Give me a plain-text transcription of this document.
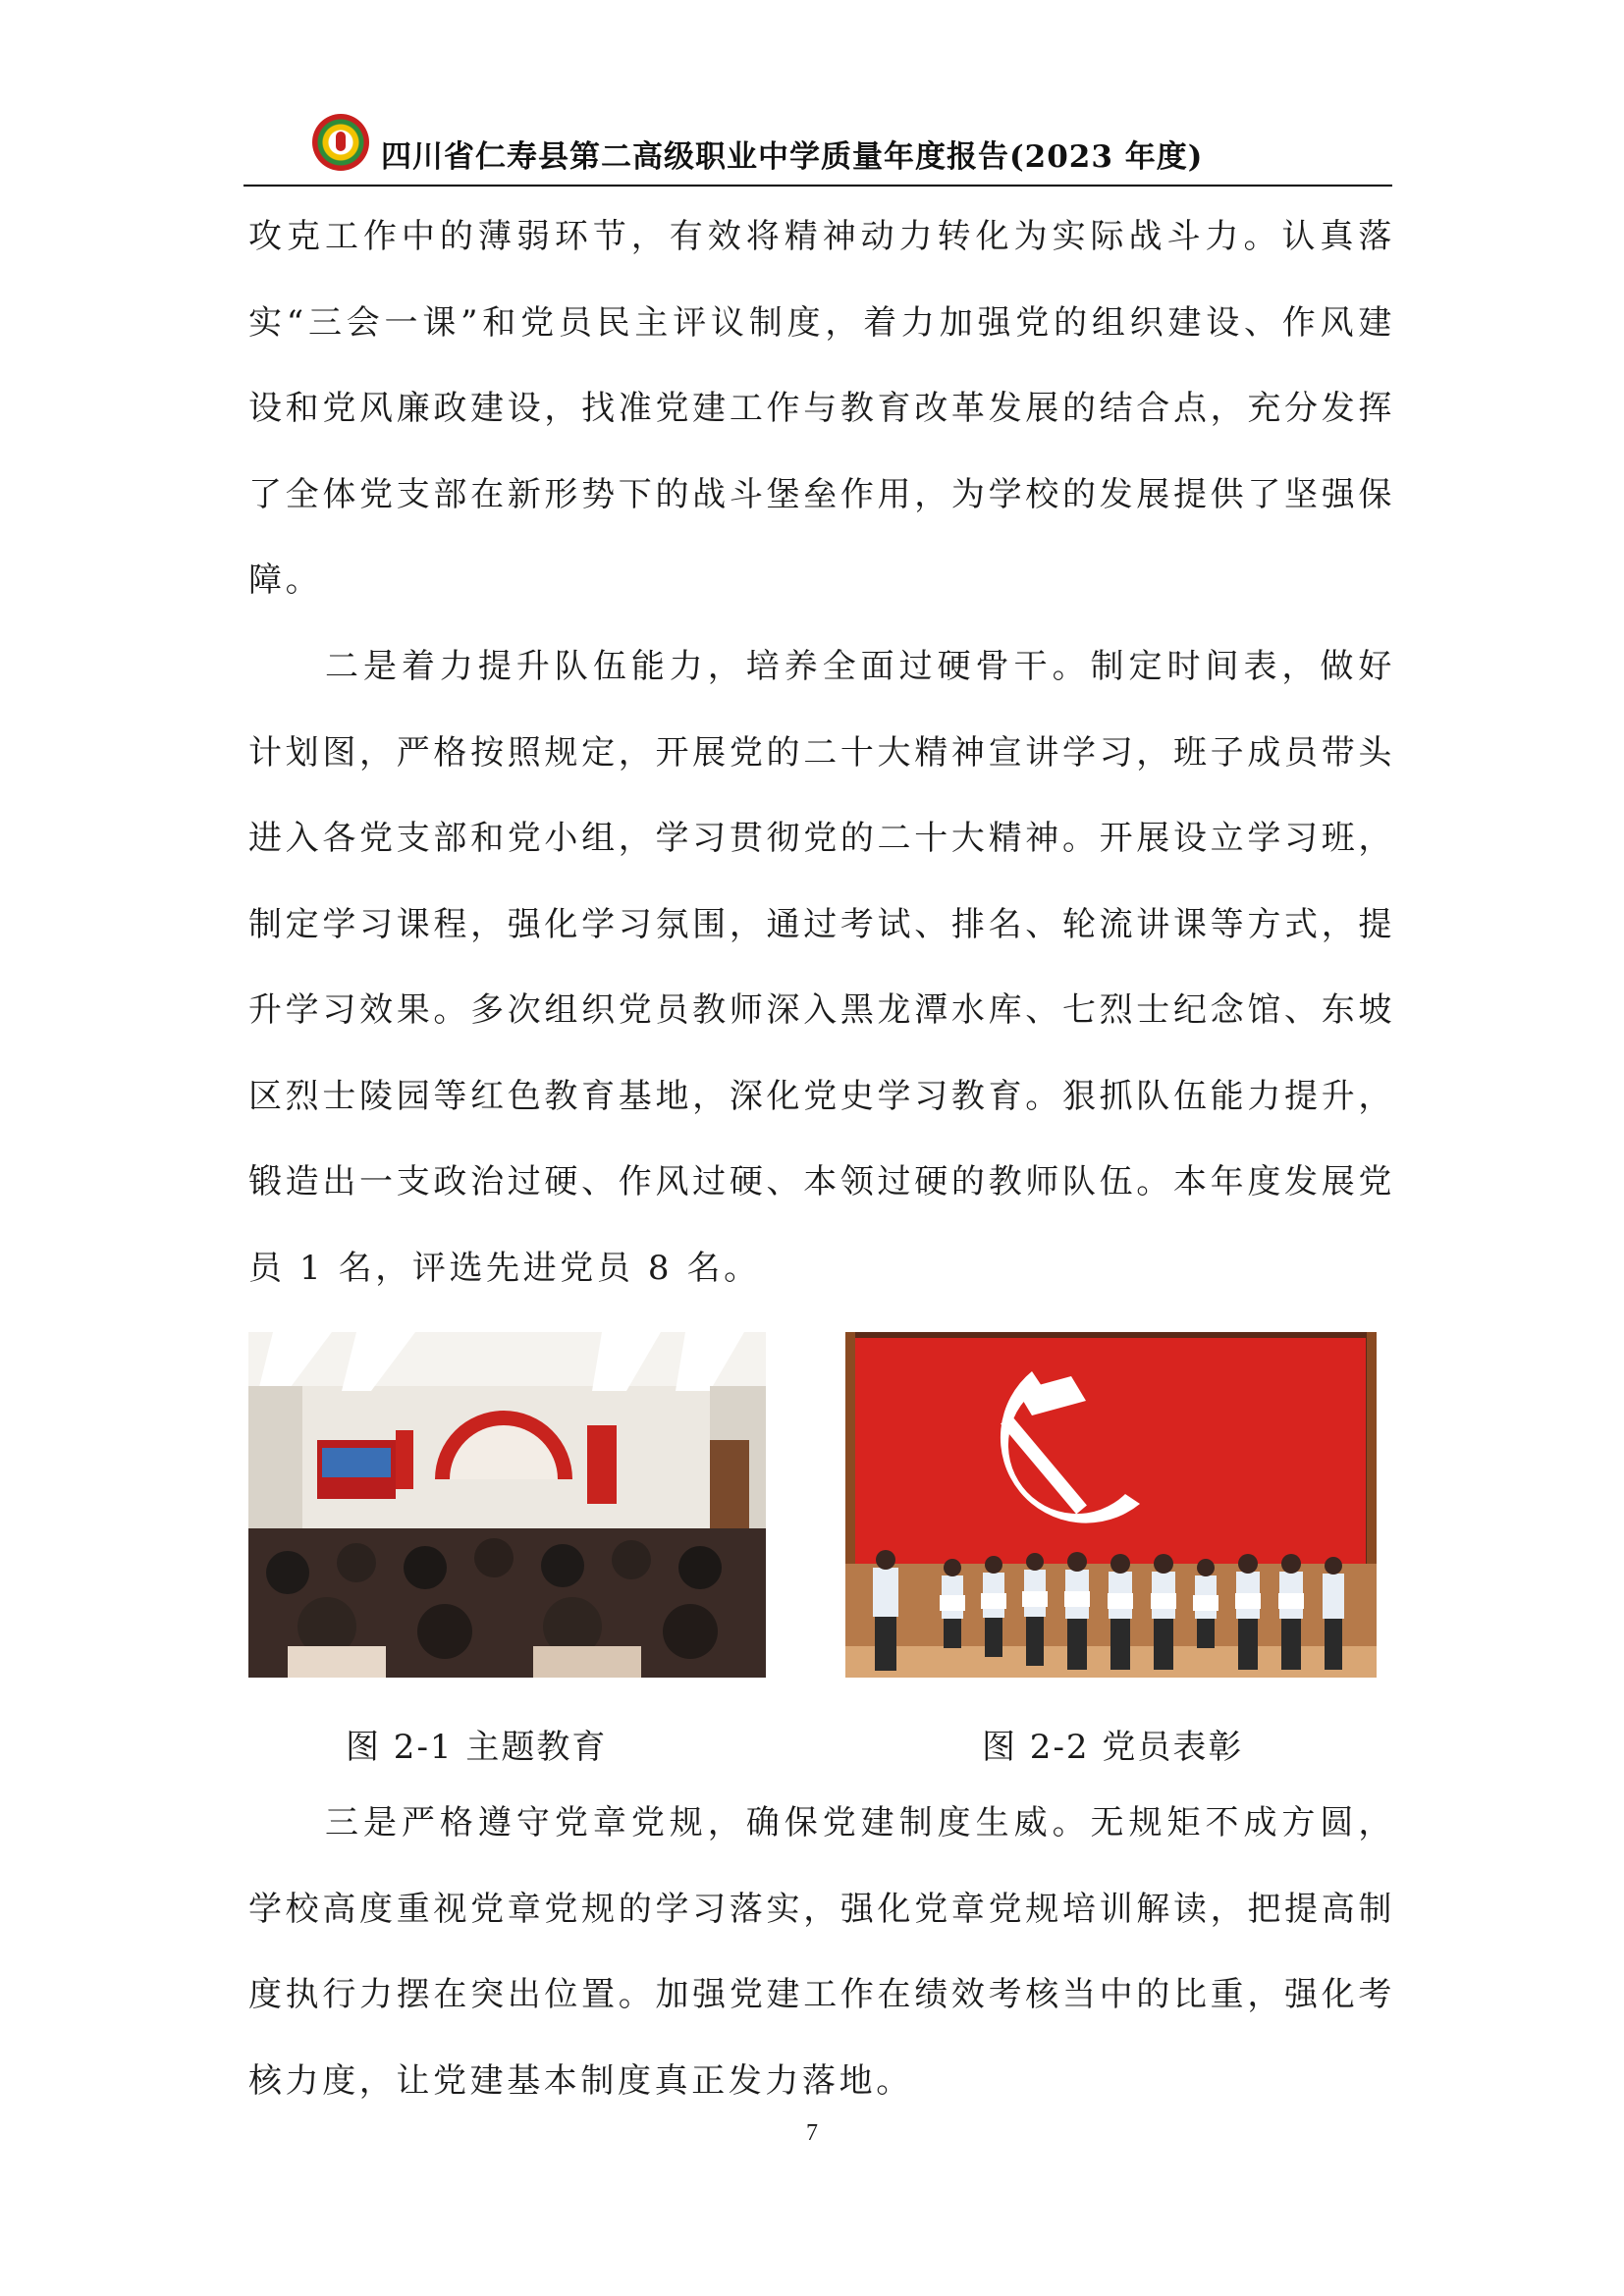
四川省仁寿县第二高级职业中学质量年度报告(2023 年度)

攻克工作中的薄弱环节，有效将精神动力转化为实际战斗力。认真落实“三会一课”和党员民主评议制度，着力加强党的组织建设、作风建设和党风廉政建设，找准党建工作与教育改革发展的结合点，充分发挥了全体党支部在新形势下的战斗堡垒作用，为学校的发展提供了坚强保障。

二是着力提升队伍能力，培养全面过硬骨干。制定时间表，做好计划图，严格按照规定，开展党的二十大精神宣讲学习，班子成员带头进入各党支部和党小组，学习贯彻党的二十大精神。开展设立学习班，制定学习课程，强化学习氛围，通过考试、排名、轮流讲课等方式，提升学习效果。多次组织党员教师深入黑龙潭水库、七烈士纪念馆、东坡区烈士陵园等红色教育基地，深化党史学习教育。狠抓队伍能力提升，锻造出一支政治过硬、作风过硬、本领过硬的教师队伍。本年度发展党员 1 名，评选先进党员 8 名。

图 2-1 主题教育	图 2-2 党员表彰

三是严格遵守党章党规，确保党建制度生威。无规矩不成方圆，学校高度重视党章党规的学习落实，强化党章党规培训解读，把提高制度执行力摆在突出位置。加强党建工作在绩效考核当中的比重，强化考核力度，让党建基本制度真正发力落地。

7
